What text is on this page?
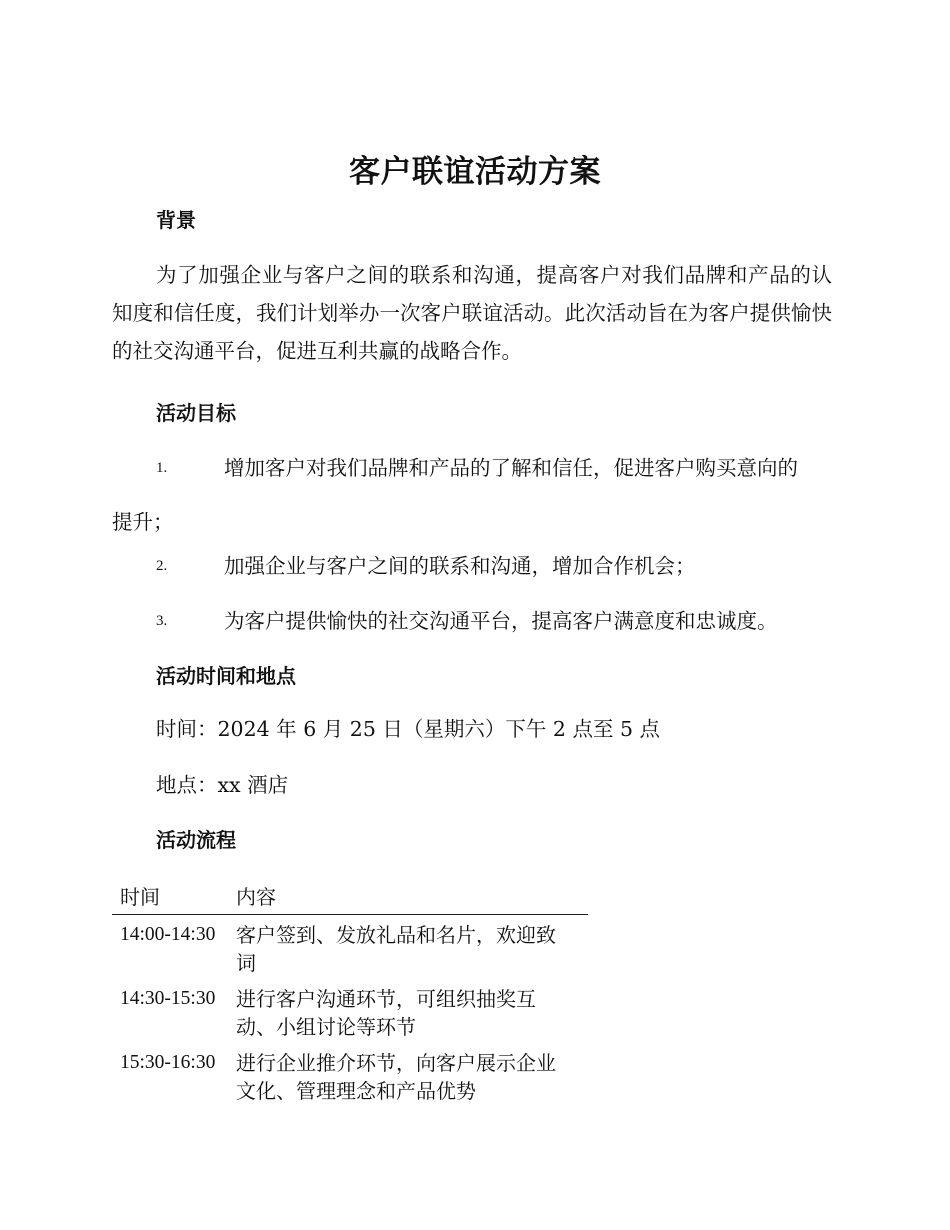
客户联谊活动方案
背景

为了加强企业与客户之间的联系和沟通，提高客户对我们品牌和产品的认知度和信任度，我们计划举办一次客户联谊活动。此次活动旨在为客户提供愉快的社交沟通平台，促进互利共赢的战略合作。

活动目标
1.	增加客户对我们品牌和产品的了解和信任，促进客户购买意向的
提升；
2.	加强企业与客户之间的联系和沟通，增加合作机会；
3.	为客户提供愉快的社交沟通平台，提高客户满意度和忠诚度。
活动时间和地点

时间：2024 年 6 月 25 日（星期六）下午 2 点至 5 点

地点：xx 酒店

活动流程
时间	内容
14:00-14:30	客户签到、发放礼品和名片，欢迎致词
14:30-15:30	进行客户沟通环节，可组织抽奖互动、小组讨论等环节
15:30-16:30	进行企业推介环节，向客户展示企业文化、管理理念和产品优势
